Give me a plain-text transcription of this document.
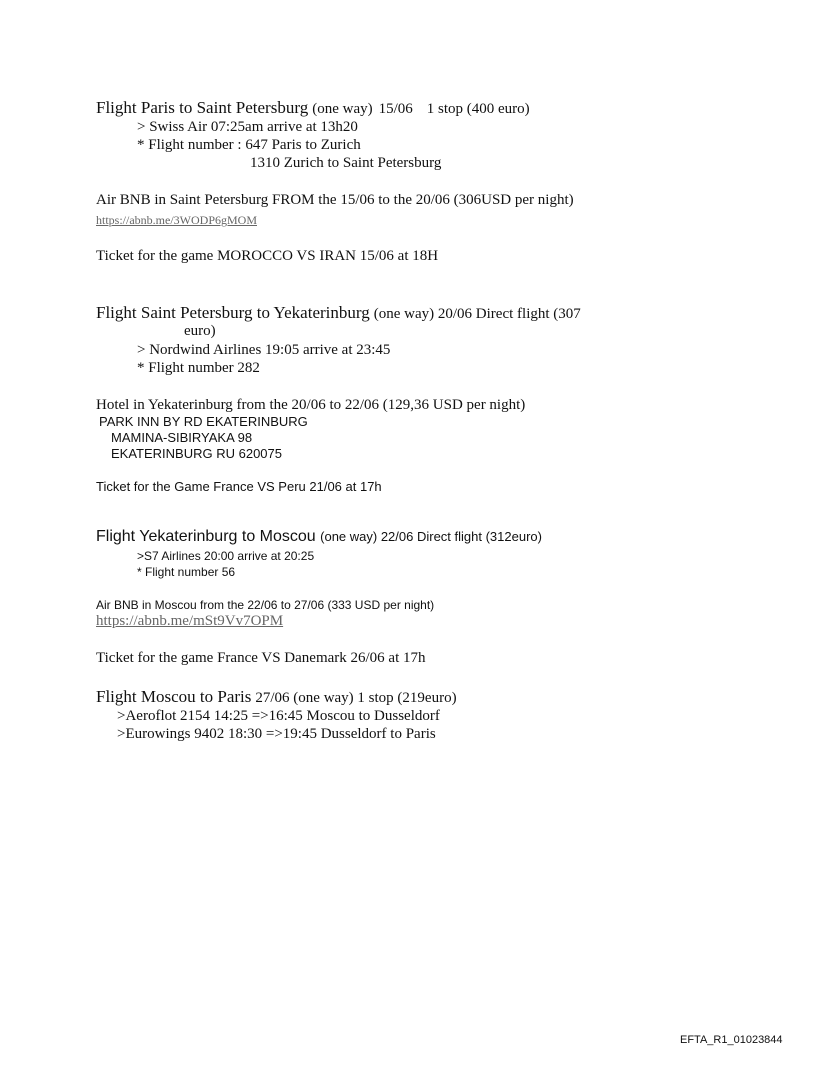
Flight Paris to Saint Petersburg (one way) 15/06 1 stop (400 euro)
> Swiss Air 07:25am arrive at 13h20
* Flight number : 647 Paris to Zurich
1310 Zurich to Saint Petersburg
Air BNB in Saint Petersburg FROM the 15/06 to the 20/06 (306USD per night)
https://abnb.me/3WODP6gMOM
Ticket for the game MOROCCO VS IRAN 15/06 at 18H
Flight Saint Petersburg to Yekaterinburg (one way) 20/06 Direct flight (307
euro)
> Nordwind Airlines 19:05 arrive at 23:45
* Flight number 282
Hotel in Yekaterinburg from the 20/06 to 22/06 (129,36 USD per night)
PARK INN BY RD EKATERINBURG
MAMINA-SIBIRYAKA 98
EKATERINBURG RU 620075
Ticket for the Game France VS Peru 21/06 at 17h
Flight Yekaterinburg to Moscou (one way) 22/06 Direct flight (312euro)
>S7 Airlines 20:00 arrive at 20:25
* Flight number 56
Air BNB in Moscou from the 22/06 to 27/06 (333 USD per night)
https://abnb.me/mSt9Vv7OPM
Ticket for the game France VS Danemark 26/06 at 17h
Flight Moscou to Paris 27/06 (one way) 1 stop (219euro)
>Aeroflot 2154 14:25 =>16:45 Moscou to Dusseldorf
>Eurowings 9402 18:30 =>19:45 Dusseldorf to Paris
EFTA_R1_01023844
